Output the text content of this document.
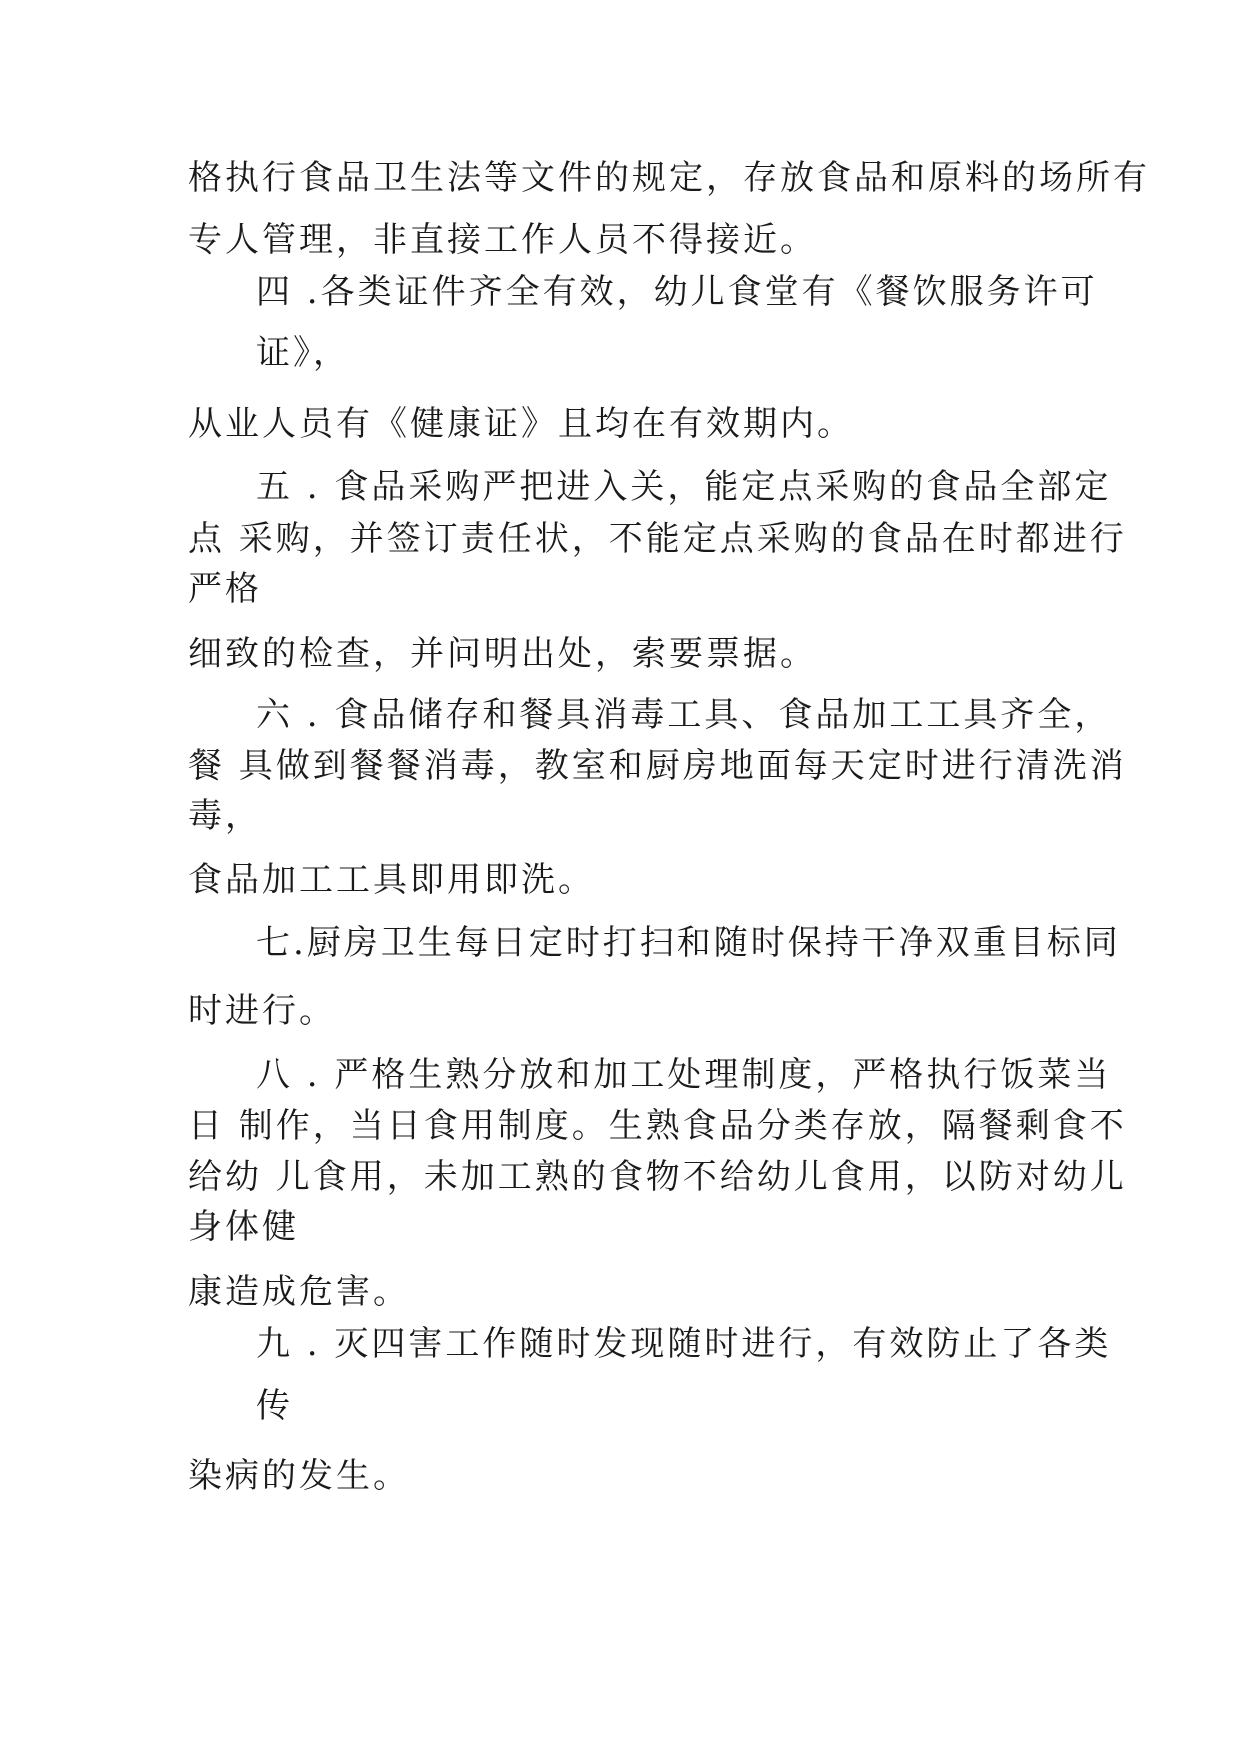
格执行食品卫生法等文件的规定，存放食品和原料的场所有

专人管理，非直接工作人员不得接近。

四 .各类证件齐全有效，幼儿食堂有《餐饮服务许可

证》，

从业人员有《健康证》且均在有效期内。

五 . 食品采购严把进入关，能定点采购的食品全部定

点 采购，并签订责任状，不能定点采购的食品在时都进行

严格

细致的检查，并问明出处，索要票据。

六 . 食品储存和餐具消毒工具、食品加工工具齐全，

餐 具做到餐餐消毒，教室和厨房地面每天定时进行清洗消

毒，

食品加工工具即用即洗。

七.厨房卫生每日定时打扫和随时保持干净双重目标同

时进行。

八 . 严格生熟分放和加工处理制度，严格执行饭菜当

日 制作，当日食用制度。生熟食品分类存放，隔餐剩食不

给幼 儿食用，未加工熟的食物不给幼儿食用，以防对幼儿

身体健

康造成危害。

九 . 灭四害工作随时发现随时进行，有效防止了各类

传

染病的发生。
